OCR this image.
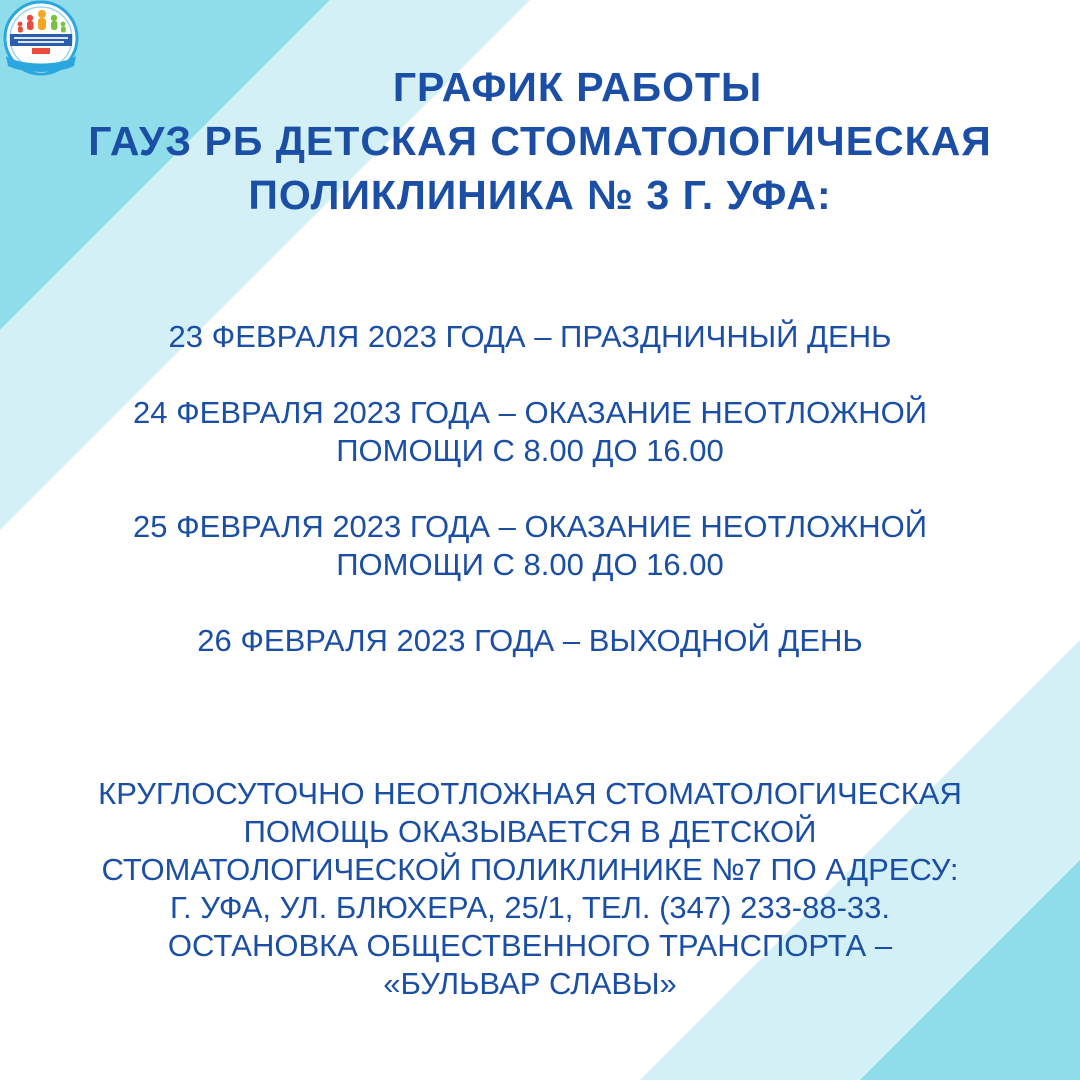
ГРАФИК РАБОТЫ
ГАУЗ РБ ДЕТСКАЯ СТОМАТОЛОГИЧЕСКАЯ
ПОЛИКЛИНИКА № 3 Г. УФА:
23 ФЕВРАЛЯ 2023 ГОДА – ПРАЗДНИЧНЫЙ ДЕНЬ
24 ФЕВРАЛЯ 2023 ГОДА – ОКАЗАНИЕ НЕОТЛОЖНОЙ
ПОМОЩИ С 8.00 ДО 16.00
25 ФЕВРАЛЯ 2023 ГОДА – ОКАЗАНИЕ НЕОТЛОЖНОЙ
ПОМОЩИ С 8.00 ДО 16.00
26 ФЕВРАЛЯ 2023 ГОДА – ВЫХОДНОЙ ДЕНЬ
КРУГЛОСУТОЧНО НЕОТЛОЖНАЯ СТОМАТОЛОГИЧЕСКАЯ
ПОМОЩЬ ОКАЗЫВАЕТСЯ В ДЕТСКОЙ
СТОМАТОЛОГИЧЕСКОЙ ПОЛИКЛИНИКЕ №7 ПО АДРЕСУ:
Г. УФА, УЛ. БЛЮХЕРА, 25/1, ТЕЛ. (347) 233-88-33.
ОСТАНОВКА ОБЩЕСТВЕННОГО ТРАНСПОРТА –
«БУЛЬВАР СЛАВЫ»
